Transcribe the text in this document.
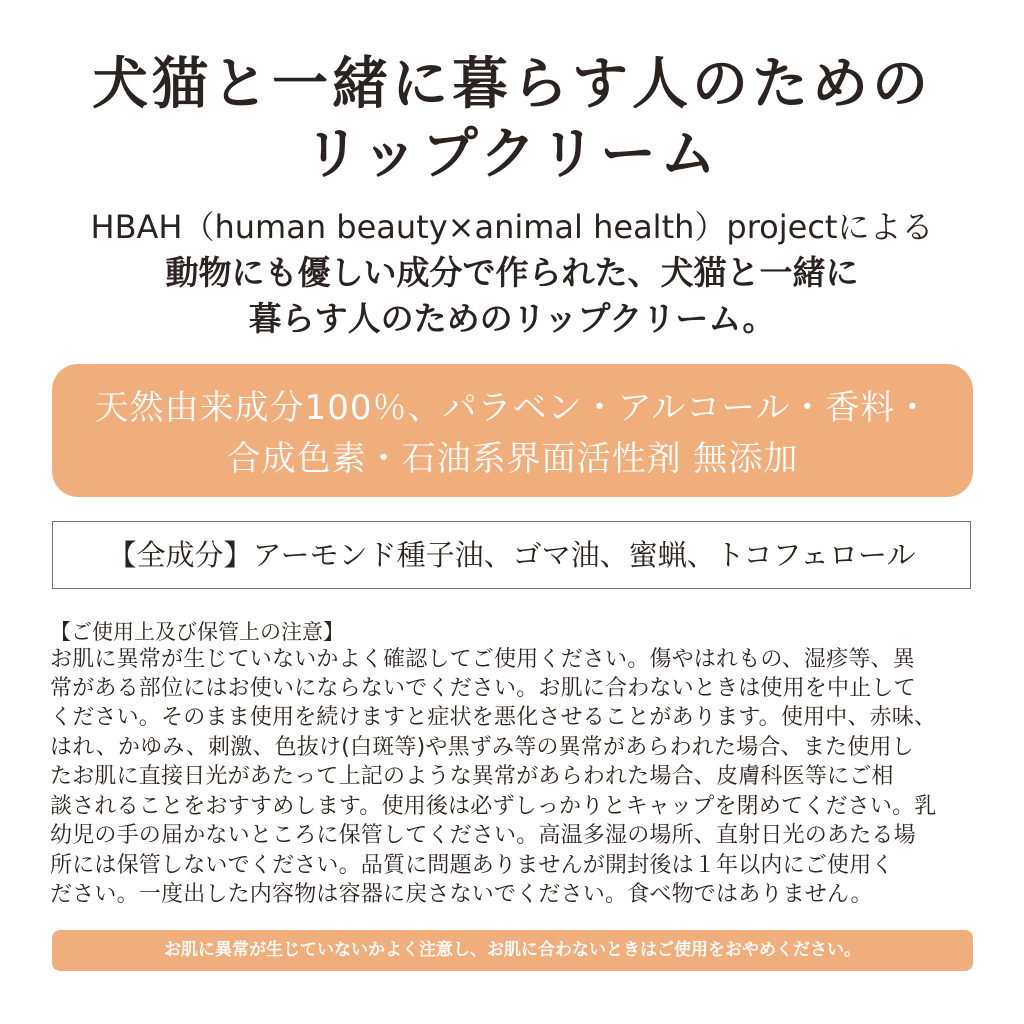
犬猫と一緒に暮らす人のための
リップクリーム
HBAH（human beauty×animal health）projectによる
動物にも優しい成分で作られた、犬猫と一緒に
暮らす人のためのリップクリーム。
天然由来成分100％、パラベン・アルコール・香料・
合成色素・石油系界面活性剤 無添加
【全成分】アーモンド種子油、ゴマ油、蜜蝋、トコフェロール
【ご使用上及び保管上の注意】
お肌に異常が生じていないかよく確認してご使用ください。傷やはれもの、湿疹等、異
常がある部位にはお使いにならないでください。お肌に合わないときは使用を中止して
ください。そのまま使用を続けますと症状を悪化させることがあります。使用中、赤味、
はれ、かゆみ、刺激、色抜け(白斑等)や黒ずみ等の異常があらわれた場合、また使用し
たお肌に直接日光があたって上記のような異常があらわれた場合、皮膚科医等にご相
談されることをおすすめします。使用後は必ずしっかりとキャップを閉めてください。乳
幼児の手の届かないところに保管してください。高温多湿の場所、直射日光のあたる場
所には保管しないでください。品質に問題ありませんが開封後は１年以内にご使用く
ださい。一度出した内容物は容器に戻さないでください。食べ物ではありません。
お肌に異常が生じていないかよく注意し、お肌に合わないときはご使用をおやめください。
